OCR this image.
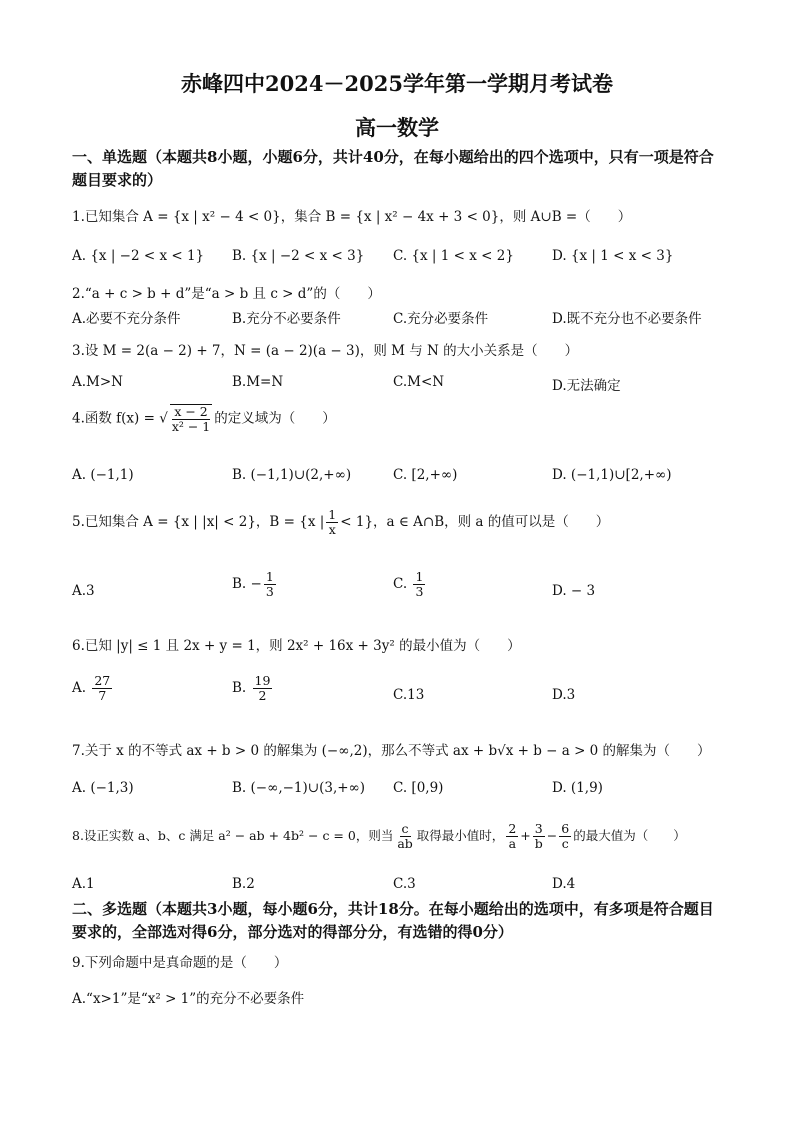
赤峰四中2024－2025学年第一学期月考试卷
高一数学
一、单选题（本题共8小题，小题6分，共计40分，在每小题给出的四个选项中，只有一项是符合题目要求的）
1.已知集合 A = {x | x² − 4 < 0}，集合 B = {x | x² − 4x + 3 < 0}，则 A∪B =（　　）
A. {x | −2 < x < 1} B. {x | −2 < x < 3} C. {x | 1 < x < 2}	D. {x | 1 < x < 3}
2.“a + c > b + d”是“a > b 且 c > d”的（　　）
A.必要不充分条件	B.充分不必要条件	C.充分必要条件	D.既不充分也不必要条件
3.设 M = 2(a − 2) + 7，N = (a − 2)(a − 3)，则 M 与 N 的大小关系是（　　）
A.M>N	B.M=N	C.M<N	D.无法确定
4.函数 f(x) = √ $\frac{x - 2}{\text{x² − 1}}$ 的定义域为（　　）
A. (−1,1)	B. (−1,1)∪(2,+∞)	C. [2,+∞)	D. (−1,1)∪[2,+∞)
5.已知集合 A = {x | |x| < 2}，B = {x | $\frac{1}{x} < 1$}，a ∈ A∩B，则 a 的值可以是（　　）
A.3	B. − $\frac{1}{3}$	C. $\frac{1}{3}$	D. − 3
6.已知 |y| ≤ 1 且 2x + y = 1，则 2x² + 16x + 3y² 的最小值为（　　）
A. $\frac{27}{7}$	B. $\frac{19}{2}$	C.13	D.3
7.关于 x 的不等式 ax + b > 0 的解集为 (−∞,2)，那么不等式 ax + b√x + b − a > 0 的解集为（　　）
A. (−1,3)	B. (−∞,−1)∪(3,+∞) C. [0,9)	D. (1,9)
8.设正实数 a、b、c 满足 a² − ab + 4b² − c = 0，则当 $\frac{c}{ab}$ 取得最小值时， $\frac{2}{a} + \frac{3}{b} - \frac{6}{c}$ 的最大值为（　　）
A.1	B.2	C.3	D.4
二、多选题（本题共3小题，每小题6分，共计18分。在每小题给出的选项中，有多项是符合题目要求的，全部选对得6分，部分选对的得部分分，有选错的得0分）
9.下列命题中是真命题的是（　　）
A.“x>1”是“x² > 1”的充分不必要条件
